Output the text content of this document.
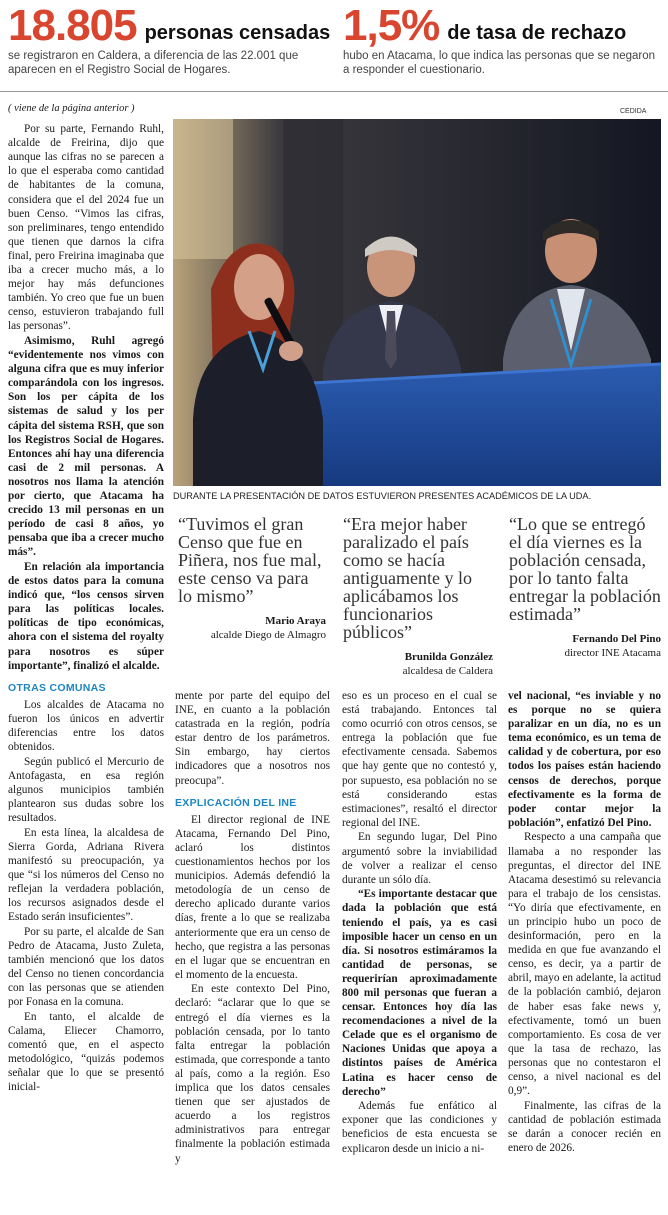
18.805 personas censadas
se registraron en Caldera, a diferencia de las 22.001 que aparecen en el Registro Social de Hogares.
1,5% de tasa de rechazo
hubo en Atacama, lo que indica las personas que se negaron a responder el cuestionario.

( viene de la página anterior )

Por su parte, Fernando Ruhl, alcalde de Freirina, dijo que aunque las cifras no se parecen a lo que el esperaba como cantidad de habitantes de la comuna, considera que el del 2024 fue un buen Censo. “Vimos las cifras, son preliminares, tengo entendido que tienen que darnos la cifra final, pero Freirina imaginaba que iba a crecer mucho más, a lo mejor hay más defunciones también. Yo creo que fue un buen censo, estuvieron trabajando full las personas”.

Asimismo, Ruhl agregó “evidentemente nos vimos con alguna cifra que es muy inferior comparándola con los ingresos. Son los per cápita de los sistemas de salud y los per cápita del sistema RSH, que son los Registros Social de Hogares. Entonces ahí hay una diferencia casi de 2 mil personas. A nosotros nos llama la atención por cierto, que Atacama ha crecido 13 mil personas en un período de casi 8 años, yo pensaba que iba a crecer mucho más”.

En relación ala importancia de estos datos para la comuna indicó que, “los censos sirven para las políticas locales. políticas de tipo económicas, ahora con el sistema del royalty para nosotros es súper importante”, finalizó el alcalde.

OTRAS COMUNAS

Los alcaldes de Atacama no fueron los únicos en advertir diferencias entre los datos obtenidos.

Según publicó el Mercurio de Antofagasta, en esa región algunos municipios también plantearon sus dudas sobre los resultados.

En esta línea, la alcaldesa de Sierra Gorda, Adriana Rivera manifestó su preocupación, ya que “si los números del Censo no reflejan la verdadera población, los recursos asignados desde el Estado serán insuficientes”.

Por su parte, el alcalde de San Pedro de Atacama, Justo Zuleta, también mencionó que los datos del Censo no tienen concordancia con las personas que se atienden por Fonasa en la comuna.

En tanto, el alcalde de Calama, Eliecer Chamorro, comentó que, en el aspecto metodológico, “quizás podemos señalar que lo que se presentó inicial-

CEDIDA
DURANTE LA PRESENTACIÓN DE DATOS ESTUVIERON PRESENTES ACADÉMICOS DE LA UDA.
“Tuvimos el gran Censo que fue en Piñera, nos fue mal, este censo va para lo mismo”
Mario Araya
alcalde Diego de Almagro
“Era mejor haber paralizado el país como se hacía antiguamente y lo aplicábamos los funcionarios públicos”
Brunilda González
alcaldesa de Caldera
“Lo que se entregó el día viernes es la población censada, por lo tanto falta entregar la población estimada”
Fernando Del Pino
director INE Atacama

mente por parte del equipo del INE, en cuanto a la población catastrada en la región, podría estar dentro de los parámetros. Sin embargo, hay ciertos indicadores que a nosotros nos preocupa”.

EXPLICACIÓN DEL INE

El director regional de INE Atacama, Fernando Del Pino, aclaró los distintos cuestionamientos hechos por los municipios. Además defendió la metodología de un censo de derecho aplicado durante varios días, frente a lo que se realizaba anteriormente que era un censo de hecho, que registra a las personas en el lugar que se encuentran en el momento de la encuesta.

En este contexto Del Pino, declaró: “aclarar que lo que se entregó el día viernes es la población censada, por lo tanto falta entregar la población estimada, que corresponde a tanto al país, como a la región. Eso implica que los datos censales tienen que ser ajustados de acuerdo a los registros administrativos para entregar finalmente la población estimada y

eso es un proceso en el cual se está trabajando. Entonces tal como ocurrió con otros censos, se entrega la población que fue efectivamente censada. Sabemos que hay gente que no contestó y, por supuesto, esa población no se está considerando estas estimaciones”, resaltó el director regional del INE.

En segundo lugar, Del Pino argumentó sobre la inviabilidad de volver a realizar el censo durante un sólo día.

“Es importante destacar que dada la población que está teniendo el país, ya es casi imposible hacer un censo en un día. Si nosotros estimáramos la cantidad de personas, se requerirían aproximadamente 800 mil personas que fueran a censar. Entonces hoy día las recomendaciones a nivel de la Celade que es el organismo de Naciones Unidas que apoya a distintos países de América Latina es hacer censo de derecho”

Además fue enfático al exponer que las condiciones y beneficios de esta encuesta se explicaron desde un inicio a ni-

vel nacional, “es inviable y no es porque no se quiera paralizar en un día, no es un tema económico, es un tema de calidad y de cobertura, por eso todos los países están haciendo censos de derechos, porque efectivamente es la forma de poder contar mejor la población”, enfatizó Del Pino.

Respecto a una campaña que llamaba a no responder las preguntas, el director del INE Atacama desestimó su relevancia para el trabajo de los censistas. “Yo diría que efectivamente, en un principio hubo un poco de desinformación, pero en la medida en que fue avanzando el censo, es decir, ya a partir de abril, mayo en adelante, la actitud de la población cambió, dejaron de haber esas fake news y, efectivamente, tomó un buen comportamiento. Es cosa de ver que la tasa de rechazo, las personas que no contestaron el censo, a nivel nacional es del 0,9”.

Finalmente, las cifras de la cantidad de población estimada se darán a conocer recién en enero de 2026.
